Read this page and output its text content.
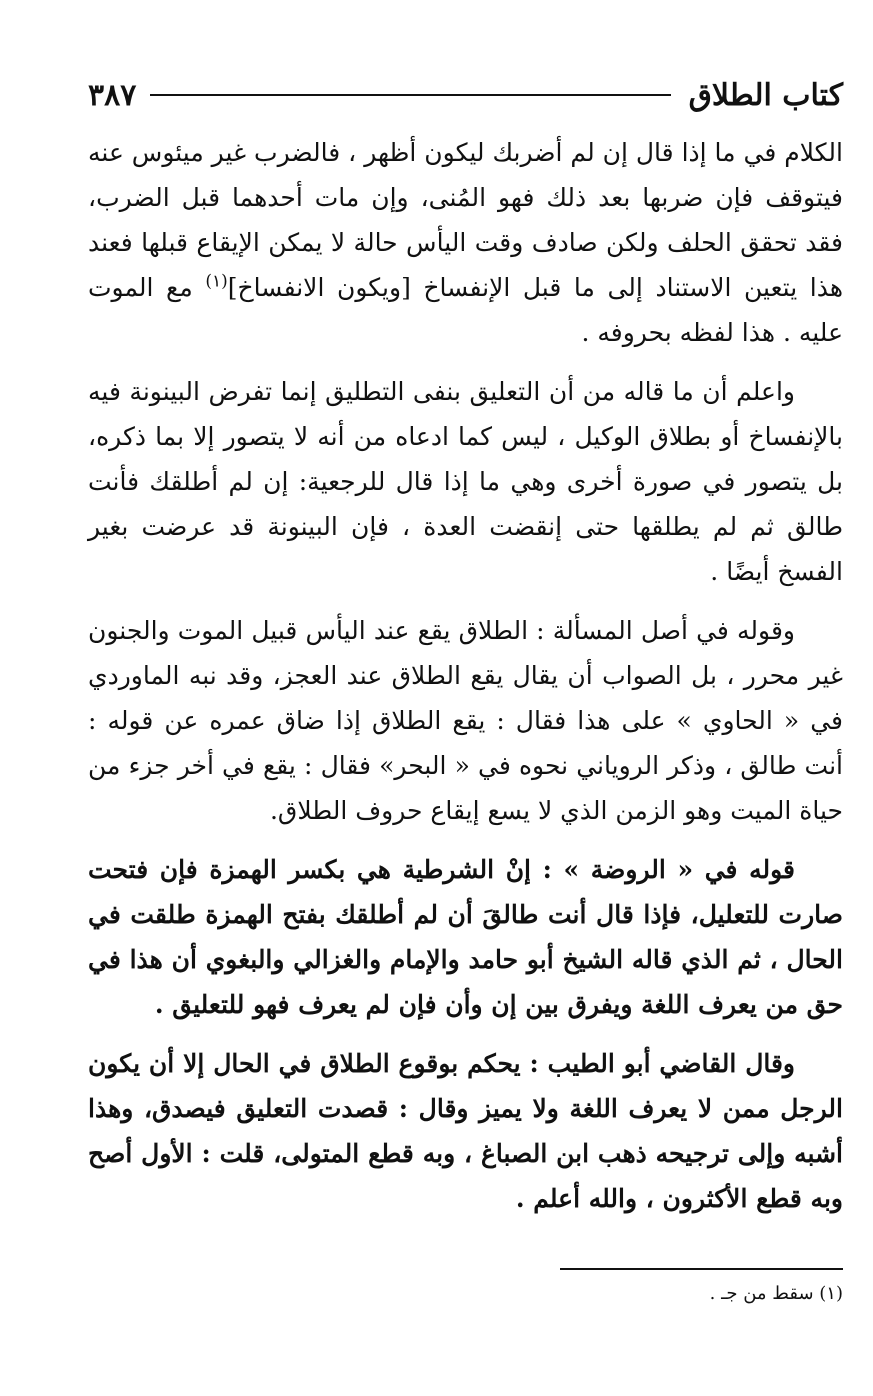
كتاب الطلاق
٣٨٧

الكلام في ما إذا قال إن لم أضربك ليكون أظهر ، فالضرب غير ميئوس عنه فيتوقف فإن ضربها بعد ذلك فهو المُنى، وإن مات أحدهما قبل الضرب، فقد تحقق الحلف ولكن صادف وقت اليأس حالة لا يمكن الإيقاع قبلها فعند هذا يتعين الاستناد إلى ما قبل الإنفساخ [ويكون الانفساخ]$^{(١)}$ مع الموت عليه . هذا لفظه بحروفه .

واعلم أن ما قاله من أن التعليق بنفى التطليق إنما تفرض البينونة فيه بالإنفساخ أو بطلاق الوكيل ، ليس كما ادعاه من أنه لا يتصور إلا بما ذكره، بل يتصور في صورة أخرى وهي ما إذا قال للرجعية: إن لم أطلقك فأنت طالق ثم لم يطلقها حتى إنقضت العدة ، فإن البينونة قد عرضت بغير الفسخ أيضًا .

وقوله في أصل المسألة : الطلاق يقع عند اليأس قبيل الموت والجنون غير محرر ، بل الصواب أن يقال يقع الطلاق عند العجز، وقد نبه الماوردي في « الحاوي » على هذا فقال : يقع الطلاق إذا ضاق عمره عن قوله : أنت طالق ، وذكر الروياني نحوه في « البحر» فقال : يقع في أخر جزء من حياة الميت وهو الزمن الذي لا يسع إيقاع حروف الطلاق.

قوله في « الروضة » : إنْ الشرطية هي بكسر الهمزة فإن فتحت صارت للتعليل، فإذا قال أنت طالقَ أن لم أطلقك بفتح الهمزة طلقت في الحال ، ثم الذي قاله الشيخ أبو حامد والإمام والغزالي والبغوي أن هذا في حق من يعرف اللغة ويفرق بين إن وأن فإن لم يعرف فهو للتعليق .

وقال القاضي أبو الطيب : يحكم بوقوع الطلاق في الحال إلا أن يكون الرجل ممن لا يعرف اللغة ولا يميز وقال : قصدت التعليق فيصدق، وهذا أشبه وإلى ترجيحه ذهب ابن الصباغ ، وبه قطع المتولى، قلت : الأول أصح وبه قطع الأكثرون ، والله أعلم .

(١) سقط من جـ .
